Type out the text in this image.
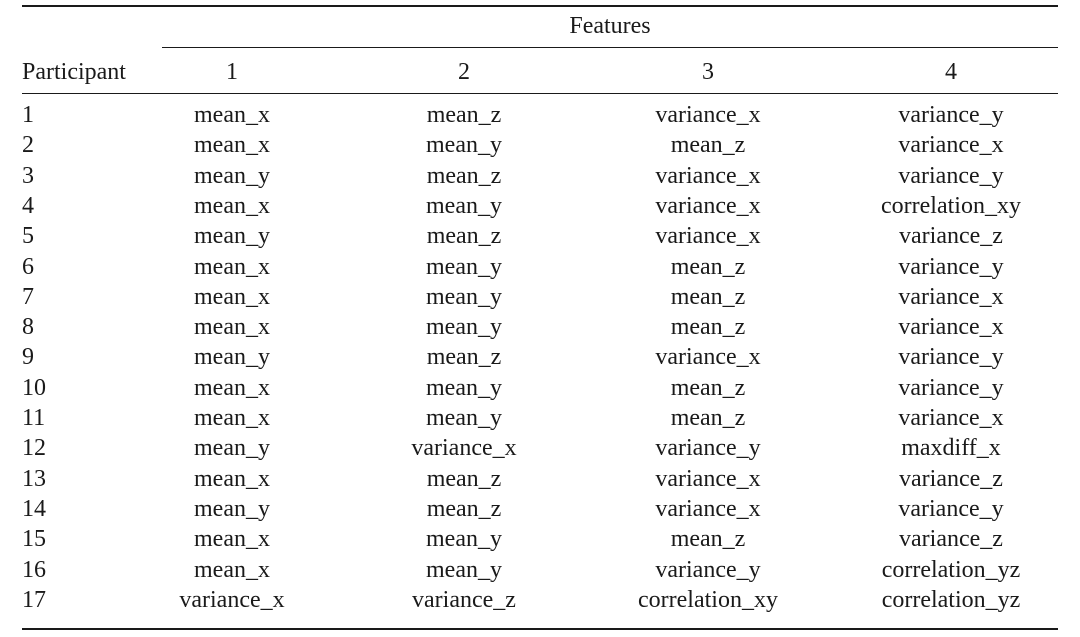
Features
Participant	1	2	3	4
1	mean_x	mean_z	variance_x	variance_y
2	mean_x	mean_y	mean_z	variance_x
3	mean_y	mean_z	variance_x	variance_y
4	mean_x	mean_y	variance_x	correlation_xy
5	mean_y	mean_z	variance_x	variance_z
6	mean_x	mean_y	mean_z	variance_y
7	mean_x	mean_y	mean_z	variance_x
8	mean_x	mean_y	mean_z	variance_x
9	mean_y	mean_z	variance_x	variance_y
10	mean_x	mean_y	mean_z	variance_y
11	mean_x	mean_y	mean_z	variance_x
12	mean_y	variance_x	variance_y	maxdiff_x
13	mean_x	mean_z	variance_x	variance_z
14	mean_y	mean_z	variance_x	variance_y
15	mean_x	mean_y	mean_z	variance_z
16	mean_x	mean_y	variance_y	correlation_yz
17	variance_x	variance_z	correlation_xy	correlation_yz
